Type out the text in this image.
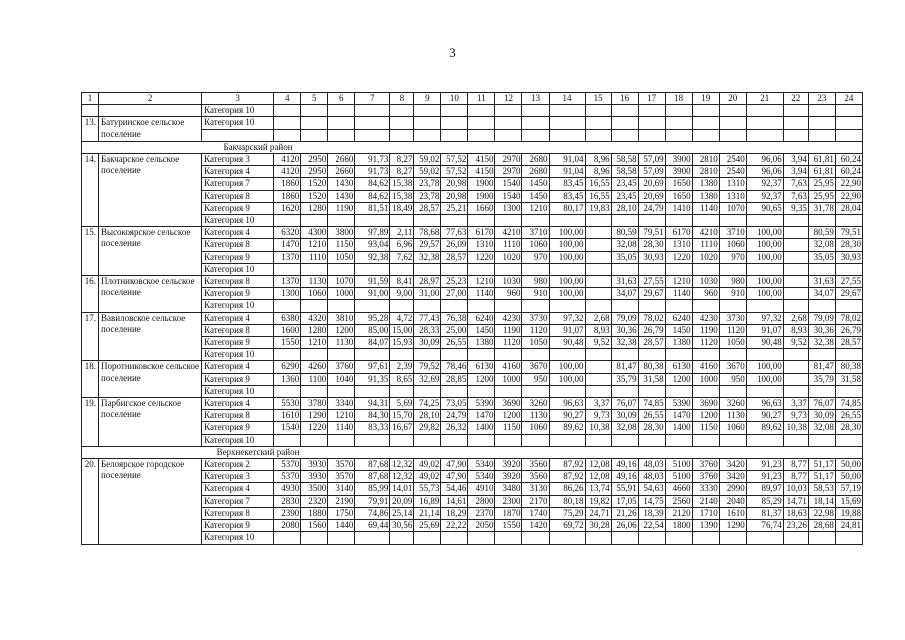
3
1	2	3	4	5	6	7	8	9	10	11	12	13	14	15	16	17	18	19	20	21	22	23	24
		Категория 10																					
13.	Батуринское сельское поселение	Категория 10																					

Бакчарский район																							
14.	Бакчарское сельское поселение	Категория 3	4120	2950	2660	91,73	8,27	59,02	57,52	4150	2970	2680	91,04	8,96	58,58	57,09	3900	2810	2540	96,06	3,94	61,81	60,24
		Категория 4	4120	2950	2660	91,73	8,27	59,02	57,52	4150	2970	2680	91,04	8,96	58,58	57,09	3900	2810	2540	96,06	3,94	61,81	60,24
		Категория 7	1860	1520	1430	84,62	15,38	23,78	20,98	1900	1540	1450	83,45	16,55	23,45	20,69	1650	1380	1310	92,37	7,63	25,95	22,90
		Категория 8	1860	1520	1430	84,62	15,38	23,78	20,98	1900	1540	1450	83,45	16,55	23,45	20,69	1650	1380	1310	92,37	7,63	25,95	22,90
		Категория 9	1620	1280	1190	81,51	18,49	28,57	25,21	1660	1300	1210	80,17	19,83	28,10	24,79	1410	1140	1070	90,65	9,35	31,78	28,04
		Категория 10																					
15.	Высокоярское сельское поселение	Категория 4	6320	4300	3800	97,89	2,11	78,68	77,63	6170	4210	3710	100,00		80,59	79,51	6170	4210	3710	100,00		80,59	79,51
		Категория 8	1470	1210	1150	93,04	6,96	29,57	26,09	1310	1110	1060	100,00		32,08	28,30	1310	1110	1060	100,00		32,08	28,30
		Категория 9	1370	1110	1050	92,38	7,62	32,38	28,57	1220	1020	970	100,00		35,05	30,93	1220	1020	970	100,00		35,05	30,93
		Категория 10																					
16.	Плотниковское сельское поселение	Категория 8	1370	1130	1070	91,59	8,41	28,97	25,23	1210	1030	980	100,00		31,63	27,55	1210	1030	980	100,00		31,63	27,55
		Категория 9	1300	1060	1000	91,00	9,00	31,00	27,00	1140	960	910	100,00		34,07	29,67	1140	960	910	100,00		34,07	29,67
		Категория 10																					
17.	Вавиловское сельское поселение	Категория 4	6380	4320	3810	95,28	4,72	77,43	76,38	6240	4230	3730	97,32	2,68	79,09	78,02	6240	4230	3730	97,32	2,68	79,09	78,02
		Категория 8	1600	1280	1200	85,00	15,00	28,33	25,00	1450	1190	1120	91,07	8,93	30,36	26,79	1450	1190	1120	91,07	8,93	30,36	26,79
		Категория 9	1550	1210	1130	84,07	15,93	30,09	26,55	1380	1120	1050	90,48	9,52	32,38	28,57	1380	1120	1050	90,48	9,52	32,38	28,57
		Категория 10																					
18.	Поротниковское сельское поселение	Категория 4	6290	4260	3760	97,61	2,39	79,52	78,46	6130	4160	3670	100,00		81,47	80,38	6130	4160	3670	100,00		81,47	80,38
		Категория 9	1360	1100	1040	91,35	8,65	32,69	28,85	1200	1000	950	100,00		35,79	31,58	1200	1000	950	100,00		35,79	31,58
		Категория 10																					
19.	Парбигское сельское поселение	Категория 4	5530	3780	3340	94,31	5,69	74,25	73,05	5390	3690	3260	96,63	3,37	76,07	74,85	5390	3690	3260	96,63	3,37	76,07	74,85
		Категория 8	1610	1290	1210	84,30	15,70	28,10	24,79	1470	1200	1130	90,27	9,73	30,09	26,55	1470	1200	1130	90,27	9,73	30,09	26,55
		Категория 9	1540	1220	1140	83,33	16,67	29,82	26,32	1400	1150	1060	89,62	10,38	32,08	28,30	1400	1150	1060	89,62	10,38	32,08	28,30
		Категория 10																					
Верхнекетский район																							
20.	Белоярское городское поселение	Категория 2	5370	3930	3570	87,68	12,32	49,02	47,90	5340	3920	3560	87,92	12,08	49,16	48,03	5100	3760	3420	91,23	8,77	51,17	50,00
		Категория 3	5370	3930	3570	87,68	12,32	49,02	47,90	5340	3920	3560	87,92	12,08	49,16	48,03	5100	3760	3420	91,23	8,77	51,17	50,00
		Категория 4	4930	3500	3140	85,99	14,01	55,73	54,46	4910	3480	3130	86,26	13,74	55,91	54,63	4660	3330	2990	89,97	10,03	58,53	57,19
		Категория 7	2830	2320	2190	79,91	20,09	16,89	14,61	2800	2300	2170	80,18	19,82	17,05	14,75	2560	2140	2040	85,29	14,71	18,14	15,69
		Категория 8	2390	1880	1750	74,86	25,14	21,14	18,29	2370	1870	1740	75,29	24,71	21,26	18,39	2120	1710	1610	81,37	18,63	22,98	19,88
		Категория 9	2080	1560	1440	69,44	30,56	25,69	22,22	2050	1550	1420	69,72	30,28	26,06	22,54	1800	1390	1290	76,74	23,26	28,68	24,81
		Категория 10																					
